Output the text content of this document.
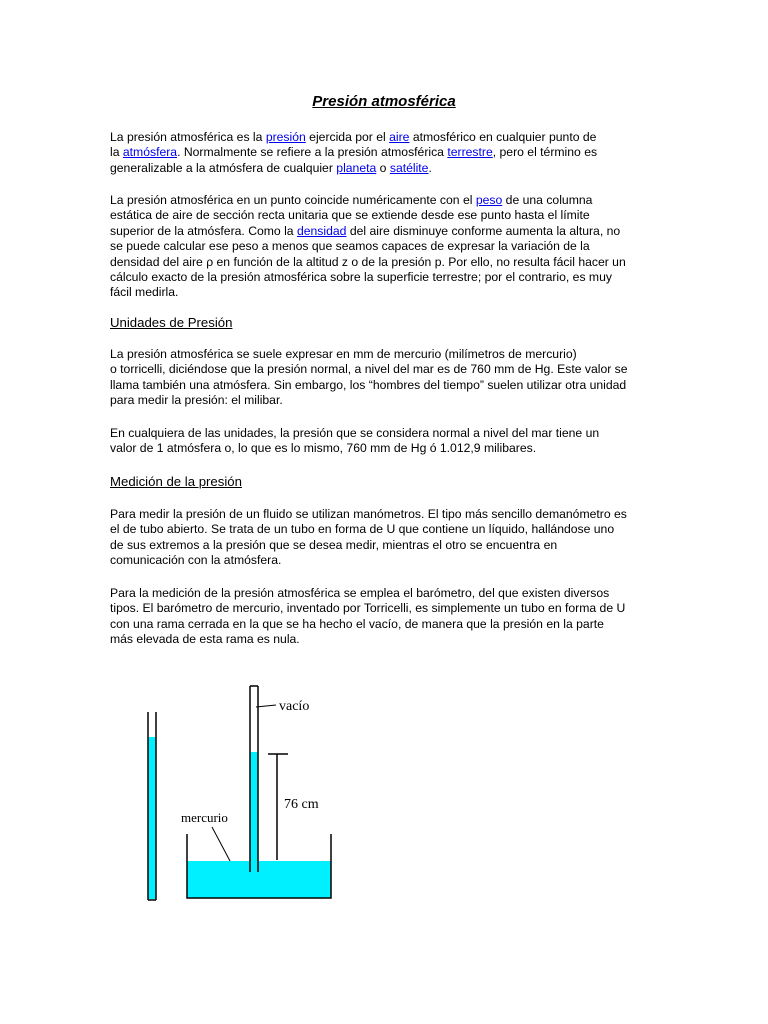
Presión atmosférica

La presión atmosférica es la presión ejercida por el aire atmosférico en cualquier punto de

la atmósfera. Normalmente se refiere a la presión atmosférica terrestre, pero el término es

generalizable a la atmósfera de cualquier planeta o satélite.

La presión atmosférica en un punto coincide numéricamente con el peso de una columna

estática de aire de sección recta unitaria que se extiende desde ese punto hasta el límite

superior de la atmósfera. Como la densidad del aire disminuye conforme aumenta la altura, no

se puede calcular ese peso a menos que seamos capaces de expresar la variación de la

densidad del aire ρ en función de la altitud z o de la presión p. Por ello, no resulta fácil hacer un

cálculo exacto de la presión atmosférica sobre la superficie terrestre; por el contrario, es muy

fácil medirla.

Unidades de Presión

La presión atmosférica se suele expresar en mm de mercurio (milímetros de mercurio)

o torricelli, diciéndose que la presión normal, a nivel del mar es de 760 mm de Hg. Este valor se

llama también una atmósfera. Sin embargo, los “hombres del tiempo” suelen utilizar otra unidad

para medir la presión: el milibar.

En cualquiera de las unidades, la presión que se considera normal a nivel del mar tiene un

valor de 1 atmósfera o, lo que es lo mismo, 760 mm de Hg ó 1.012,9 milibares.

Medición de la presión

Para medir la presión de un fluido se utilizan manómetros. El tipo más sencillo demanómetro es

el de tubo abierto. Se trata de un tubo en forma de U que contiene un líquido, hallándose uno

de sus extremos a la presión que se desea medir, mientras el otro se encuentra en

comunicación con la atmósfera.

Para la medición de la presión atmosférica se emplea el barómetro, del que existen diversos

tipos. El barómetro de mercurio, inventado por Torricelli, es simplemente un tubo en forma de U

con una rama cerrada en la que se ha hecho el vacío, de manera que la presión en la parte

más elevada de esta rama es nula.

vacío
76 cm
mercurio
